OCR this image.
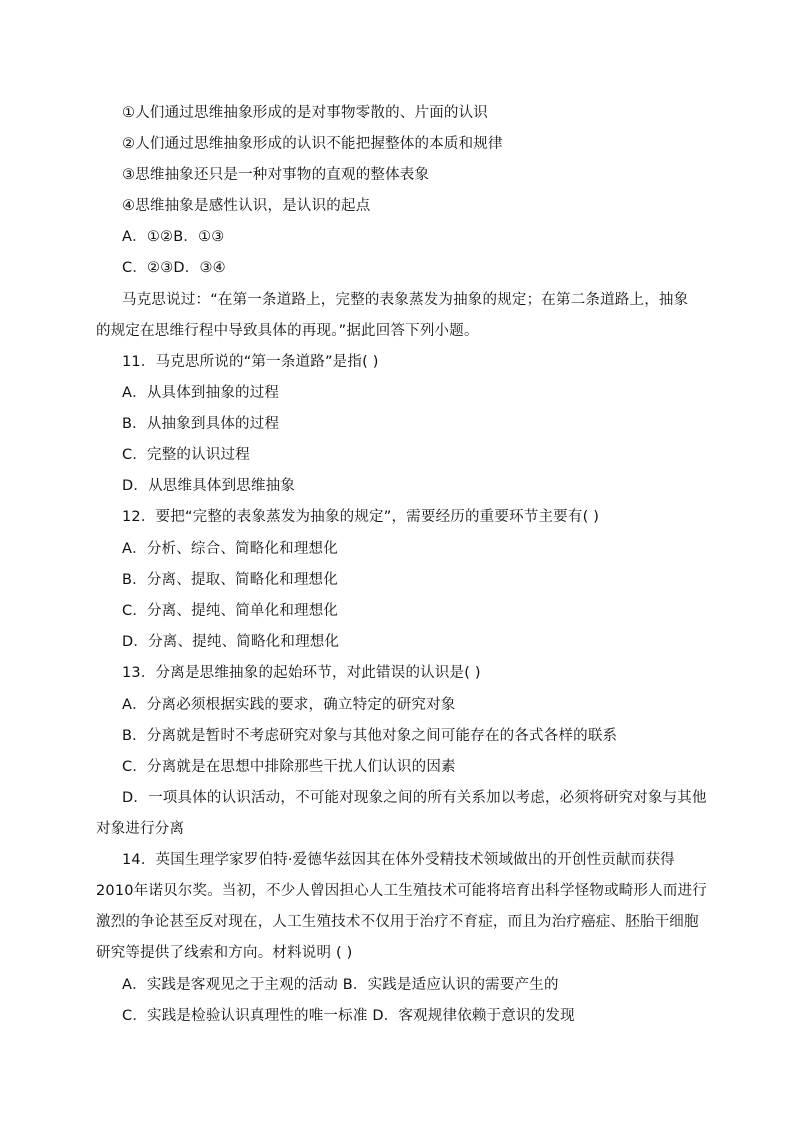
①人们通过思维抽象形成的是对事物零散的、片面的认识
②人们通过思维抽象形成的认识不能把握整体的本质和规律
③思维抽象还只是一种对事物的直观的整体表象
④思维抽象是感性认识，是认识的起点
A．①②B．①③
C．②③D．③④
马克思说过：“在第一条道路上，完整的表象蒸发为抽象的规定；在第二条道路上，抽象
的规定在思维行程中导致具体的再现。”据此回答下列小题。
11．马克思所说的“第一条道路”是指( )
A．从具体到抽象的过程
B．从抽象到具体的过程
C．完整的认识过程
D．从思维具体到思维抽象
12．要把“完整的表象蒸发为抽象的规定”，需要经历的重要环节主要有( )
A．分析、综合、简略化和理想化
B．分离、提取、简略化和理想化
C．分离、提纯、简单化和理想化
D．分离、提纯、简略化和理想化
13．分离是思维抽象的起始环节，对此错误的认识是( )
A．分离必须根据实践的要求，确立特定的研究对象
B．分离就是暂时不考虑研究对象与其他对象之间可能存在的各式各样的联系
C．分离就是在思想中排除那些干扰人们认识的因素
D．一项具体的认识活动，不可能对现象之间的所有关系加以考虑，必须将研究对象与其他
对象进行分离
14．英国生理学家罗伯特·爱德华兹因其在体外受精技术领域做出的开创性贡献而获得
2010年诺贝尔奖。当初，不少人曾因担心人工生殖技术可能将培育出科学怪物或畸形人而进行
激烈的争论甚至反对现在，人工生殖技术不仅用于治疗不育症，而且为治疗癌症、胚胎干细胞
研究等提供了线索和方向。材料说明 ( )
A．实践是客观见之于主观的活动 B．实践是适应认识的需要产生的
C．实践是检验认识真理性的唯一标准 D．客观规律依赖于意识的发现
